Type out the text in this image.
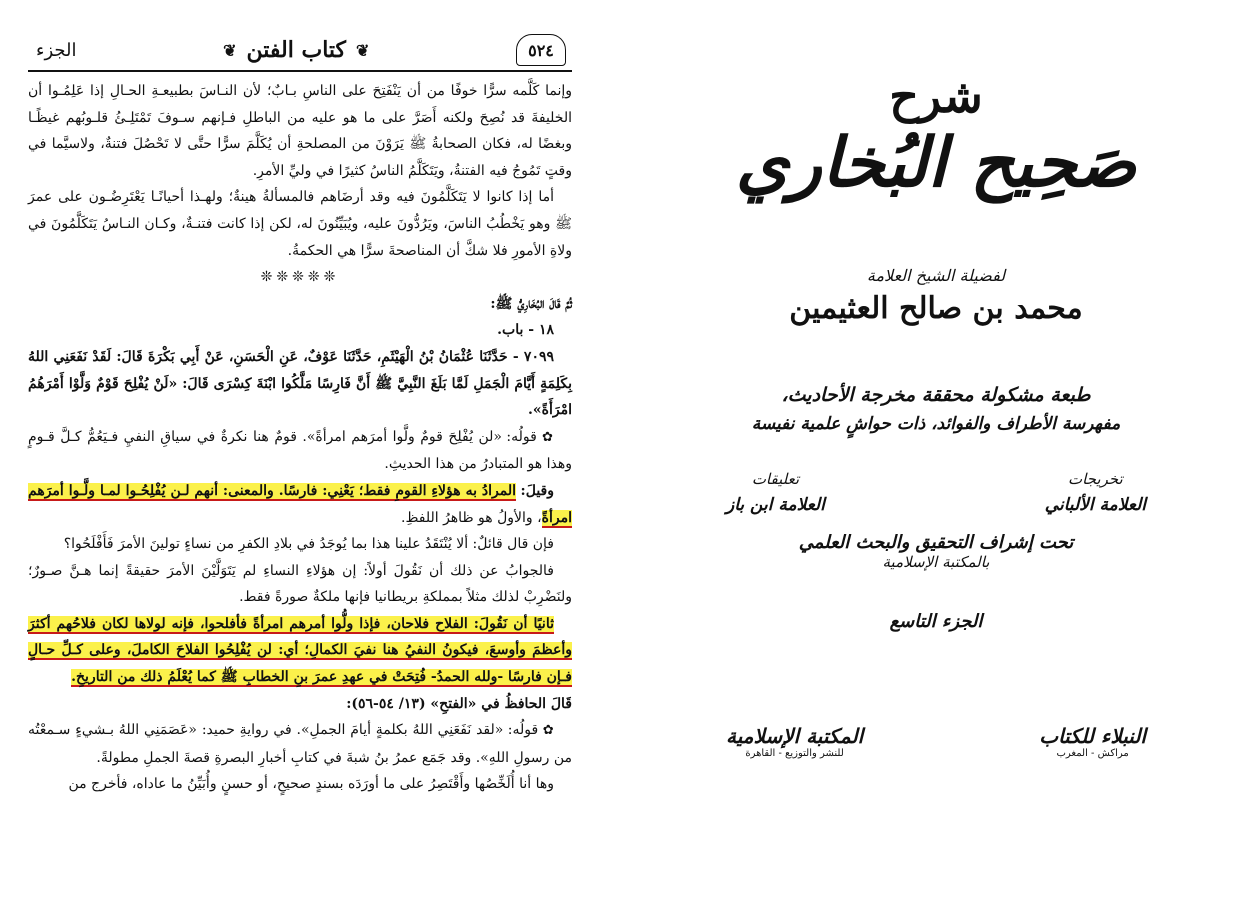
٥٢٤
❦
كتاب الفتن
❦
الجزء

وإنما كَلَّمه سرًّا خوفًا من أن يَنْفَتِحَ على الناسِ بـابٌ؛ لأن النـاسَ بطبيعـةِ الحـالِ إذا عَلِمُـوا أن الخليفةَ قد نُصِحَ ولكنه أَصَرَّ على ما هو عليه من الباطلِ فـإنهم سـوفَ تَمْتَلِـئُ قلـوبُهم غيظًـا وبغضًا له، فكان الصحابةُ ﷺ يَرَوْنَ من المصلحةِ أن يُكَلَّمَ سرًّا حتَّى لا تَحْصُلَ فتنةٌ، ولاسيَّما في وقتٍ تَمُوجُ فيه الفتنةُ، ويَتَكَلَّمُ الناسُ كثيرًا في وليِّ الأمرِ.

أما إذا كانوا لا يَتَكَلَّمُونَ فيه وقد أرضَاهم فالمسألةُ هينةٌ؛ ولهـذا أحيانًـا يَعْتَرِضُـون على عمرَ ﷺ وهو يَخْطُبُ الناسَ، ويَرُدُّونَ عليه، ويُبَيِّنُونَ له، لكن إذا كانت فتنـةٌ، وكـان النـاسُ يَتَكَلَّمُونَ في ولاةِ الأمورِ فلا شكَّ أن المناصحةَ سرًّا هي الحكمةُ.

❊❊❊❊❊

ثُمَّ قَالَ البُخَارِيُّ ﷺ:

١٨ - باب.

٧٠٩٩ - حَدَّثَنَا عُثْمَانُ بْنُ الْهَيْثَمِ، حَدَّثَنَا عَوْفٌ، عَنِ الْحَسَنِ، عَنْ أَبِي بَكْرَةَ قَالَ: لَقَدْ نَفَعَنِي اللهُ بِكَلِمَةٍ أَيَّامَ الْجَمَلِ لَمَّا بَلَغَ النَّبِيَّ ﷺ أَنَّ فَارِسًا مَلَّكُوا ابْنَةَ كِسْرَى قَالَ: «لَنْ يُفْلِحَ قَوْمٌ وَلَّوْا أَمْرَهُمُ امْرَأَةً».

✿ قولُه: «لن يُفْلِحَ قومٌ ولَّوا أمرَهم امرأةً». قومٌ هنا نكرةٌ في سياقِ النفيِ فـيَعُمُّ كـلَّ قـومٍ وهذا هو المتبادرُ من هذا الحديثِ.

وقيلَ: المرادُ به هؤلاءِ القومِ فقط؛ يَعْنِي: فارسًا. والمعنى: أنهم لـن يُفْلِحُـوا لمـا ولَّـوا أمرَهم امرأةً، والأولُ هو ظاهرُ اللفظِ.

فإن قال قائلٌ: ألا يُنْتَقَدُ علينا هذا بما يُوجَدُ في بلادِ الكفرِ من نساءٍ تولينَ الأمرَ فَأَفْلَحُوا؟

فالجوابُ عن ذلك أن نَقُولَ أولاً: إن هؤلاءِ النساءِ لم يَتَوَلَّيْنَ الأمرَ حقيقةً إنما هـنَّ صـورٌ؛ ولنَضْرِبْ لذلك مثلاً بمملكةِ بريطانيا فإنها ملكةٌ صورةً فقط.

ثانيًا أن نَقُولَ: الفلاح فلاحان، فإذا ولُّوا أمرهم امرأةً فأفلحوا، فإنه لولاها لكان فلاحُهم أكثرَ وأعظمَ وأوسعَ، فيكونُ النفيُ هنا نفيَ الكمالِ؛ أي: لن يُفْلِحُوا الفلاحَ الكاملَ، وعلى كـلِّ حـالٍ فـإن فارسًا -ولله الحمدُ- فُتِحَتْ في عهدِ عمرَ بنِ الخطابِ ﷺ كما يُعْلَمُ ذلك من التاريخِ.

قَالَ الحافظُ في «الفتحِ» (١٣/ ٥٤-٥٦):

✿ قولُه: «لقد نَفَعَنِي اللهُ بكلمةٍ أيامَ الجملِ». في روايةِ حميد: «عَصَمَنِي اللهُ بـشيءٍ سـمعْتُه من رسولِ اللهِ». وقد جَمَع عمرُ بنُ شبةَ في كتابِ أخبارِ البصرةِ قصةَ الجملِ مطولةً.

وها أنا أُلَخِّصُها وأَقْتَصِرُ على ما أورَدَه بسندٍ صحيحٍ، أو حسنٍ وأُبَيِّنُ ما عاداه، فأخرج من

شرح
صَحِيح البُخاري
لفضيلة الشيخ العلامة
محمد بن صالح العثيمين
طبعة مشكولة محققة مخرجة الأحاديث،
مفهرسة الأطراف والفوائد، ذات حواشٍ علمية نفيسة
تخريجات
العلامة الألباني
تعليقات
العلامة ابن باز
تحت إشراف التحقيق والبحث العلمي
بالمكتبة الإسلامية
الجزء التاسع
النبلاء للكتاب
مراكش - المغرب
المكتبة الإسلامية
للنشر والتوزيع - القاهرة
